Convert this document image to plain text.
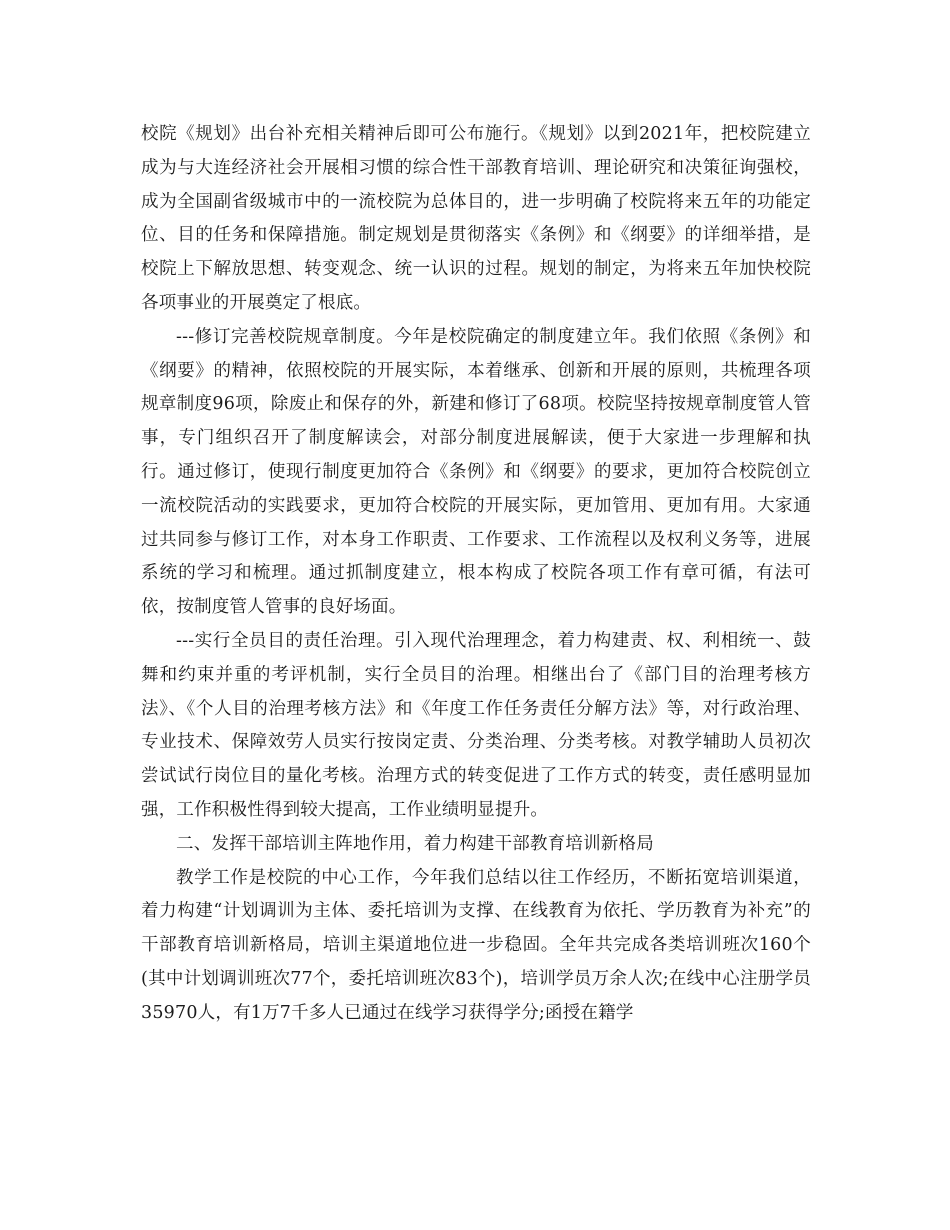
校院《规划》出台补充相关精神后即可公布施行。《规划》以到2021年，把校院建立成为与大连经济社会开展相习惯的综合性干部教育培训、理论研究和决策征询强校，成为全国副省级城市中的一流校院为总体目的，进一步明确了校院将来五年的功能定位、目的任务和保障措施。制定规划是贯彻落实《条例》和《纲要》的详细举措，是校院上下解放思想、转变观念、统一认识的过程。规划的制定，为将来五年加快校院各项事业的开展奠定了根底。

---修订完善校院规章制度。今年是校院确定的制度建立年。我们依照《条例》和《纲要》的精神，依照校院的开展实际，本着继承、创新和开展的原则，共梳理各项规章制度96项，除废止和保存的外，新建和修订了68项。校院坚持按规章制度管人管事，专门组织召开了制度解读会，对部分制度进展解读，便于大家进一步理解和执行。通过修订，使现行制度更加符合《条例》和《纲要》的要求，更加符合校院创立一流校院活动的实践要求，更加符合校院的开展实际，更加管用、更加有用。大家通过共同参与修订工作，对本身工作职责、工作要求、工作流程以及权利义务等，进展系统的学习和梳理。通过抓制度建立，根本构成了校院各项工作有章可循，有法可依，按制度管人管事的良好场面。

---实行全员目的责任治理。引入现代治理理念，着力构建责、权、利相统一、鼓舞和约束并重的考评机制，实行全员目的治理。相继出台了《部门目的治理考核方法》、《个人目的治理考核方法》和《年度工作任务责任分解方法》等，对行政治理、专业技术、保障效劳人员实行按岗定责、分类治理、分类考核。对教学辅助人员初次尝试试行岗位目的量化考核。治理方式的转变促进了工作方式的转变，责任感明显加强，工作积极性得到较大提高，工作业绩明显提升。

二、发挥干部培训主阵地作用，着力构建干部教育培训新格局

教学工作是校院的中心工作，今年我们总结以往工作经历，不断拓宽培训渠道，着力构建“计划调训为主体、委托培训为支撑、在线教育为依托、学历教育为补充”的干部教育培训新格局，培训主渠道地位进一步稳固。全年共完成各类培训班次160个(其中计划调训班次77个，委托培训班次83个)，培训学员万余人次;在线中心注册学员35970人，有1万7千多人已通过在线学习获得学分;函授在籍学
